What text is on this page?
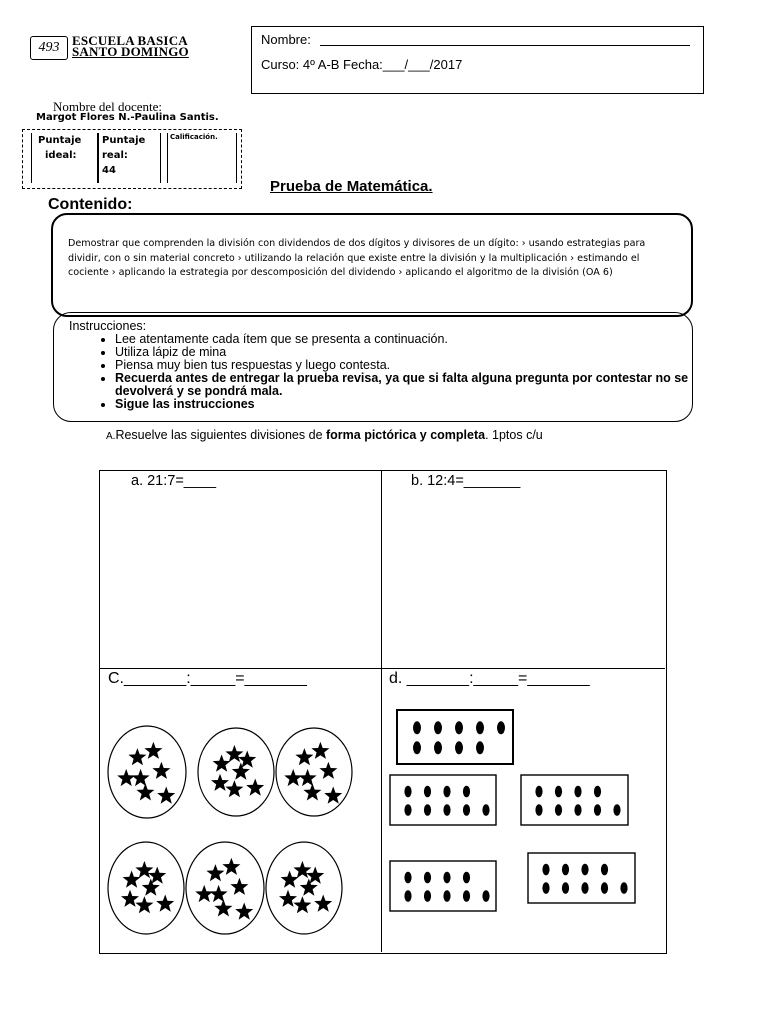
493 ESCUELA BASICA
SANTO DOMINGO
Nombre:
Curso: 4º A-B Fecha:___/___/2017
Nombre del docente:
Margot Flores N.-Paulina Santis.
Puntaje
ideal:
Puntaje
real:
44
Calificación.
Prueba de Matemática.
Contenido:

Demostrar que comprenden la división con dividendos de dos dígitos y divisores de un dígito: › usando estrategias para dividir, con o sin material concreto › utilizando la relación que existe entre la división y la multiplicación › estimando el cociente › aplicando la estrategia por descomposición del dividendo › aplicando el algoritmo de la división (OA 6)

Instrucciones:
• Lee atentamente cada ítem que se presenta a continuación.
• Utiliza lápiz de mina
• Piensa muy bien tus respuestas y luego contesta.
• Recuerda antes de entregar la prueba revisa, ya que si falta alguna pregunta por contestar no se devolverá y se pondrá mala.
• Sigue las instrucciones
A.Resuelve las siguientes divisiones de forma pictórica y completa. 1ptos c/u
a. 21:7=____	b. 12:4=_______
C._______:_____=_______	d. _______:_____=_______
